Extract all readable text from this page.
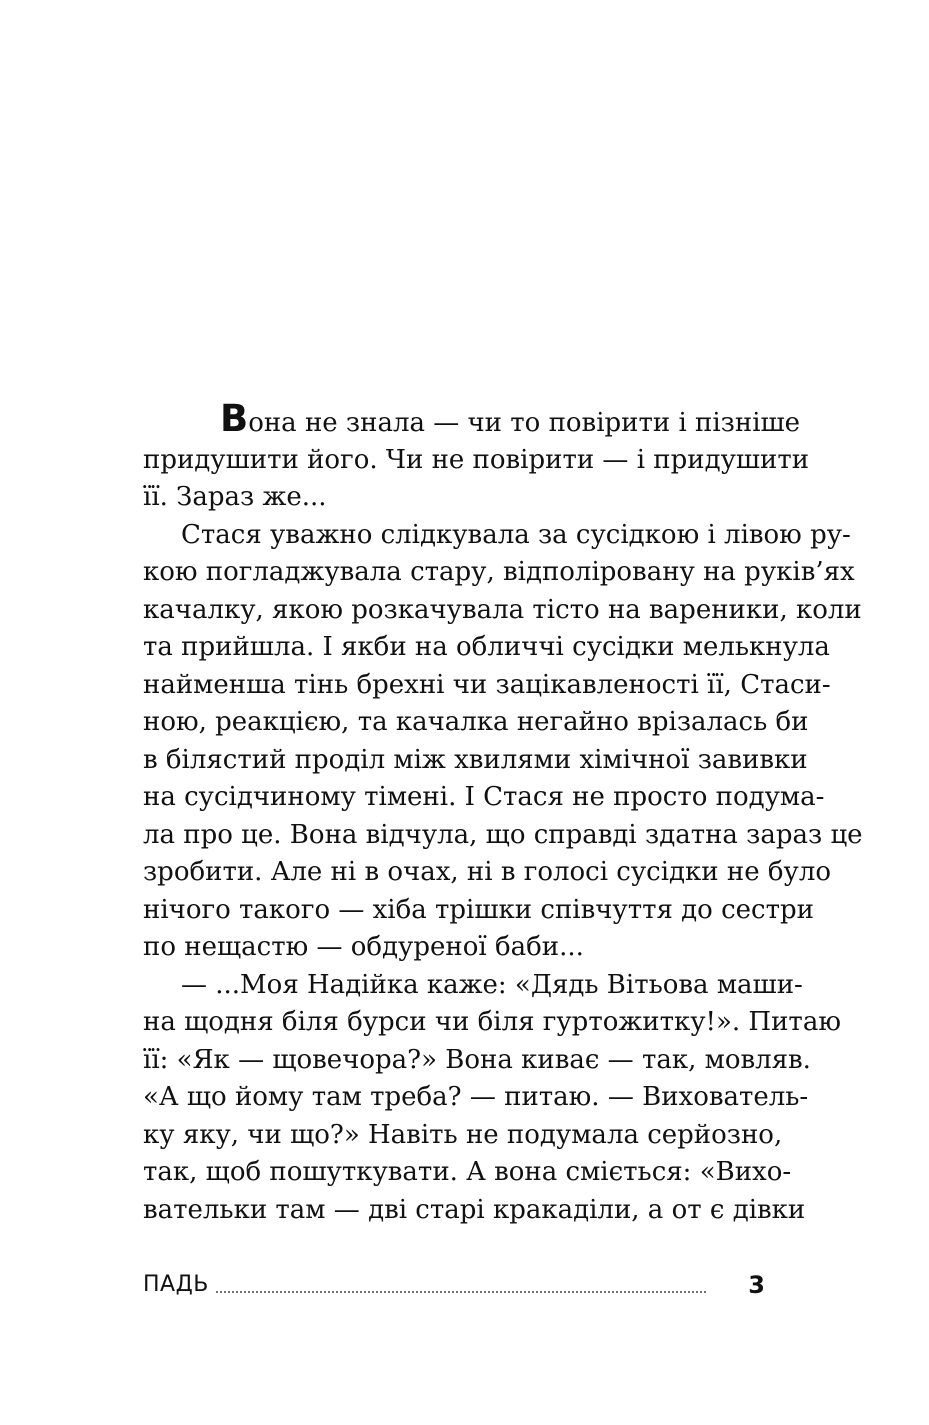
Вона не знала — чи то повірити і пізніше
придушити його. Чи не повірити — і придушити
її. Зараз же...
Стася уважно слідкувала за сусідкою і лівою ру-
кою погладжувала стару, відполіровану на руків’ях
качалку, якою розкачувала тісто на вареники, коли
та прийшла. І якби на обличчі сусідки мелькнула
найменша тінь брехні чи зацікавленості її, Стаси-
ною, реакцією, та качалка негайно врізалась би
в білястий проділ між хвилями хімічної завивки
на сусідчиному тімені. І Стася не просто подума-
ла про це. Вона відчула, що справді здатна зараз це
зробити. Але ні в очах, ні в голосі сусідки не було
нічого такого — хіба трішки співчуття до сестри
по нещастю — обдуреної баби...
— ...Моя Надійка каже: «Дядь Вітьова маши-
на щодня біля бурси чи біля гуртожитку!». Питаю
її: «Як — щовечора?» Вона киває — так, мовляв.
«А що йому там треба? — питаю. — Вихователь-
ку яку, чи що?» Навіть не подумала серйозно,
так, щоб пошуткувати. А вона сміється: «Вихо-
вательки там — дві старі кракаділи, а от є дівки
ПАДЬ	3
